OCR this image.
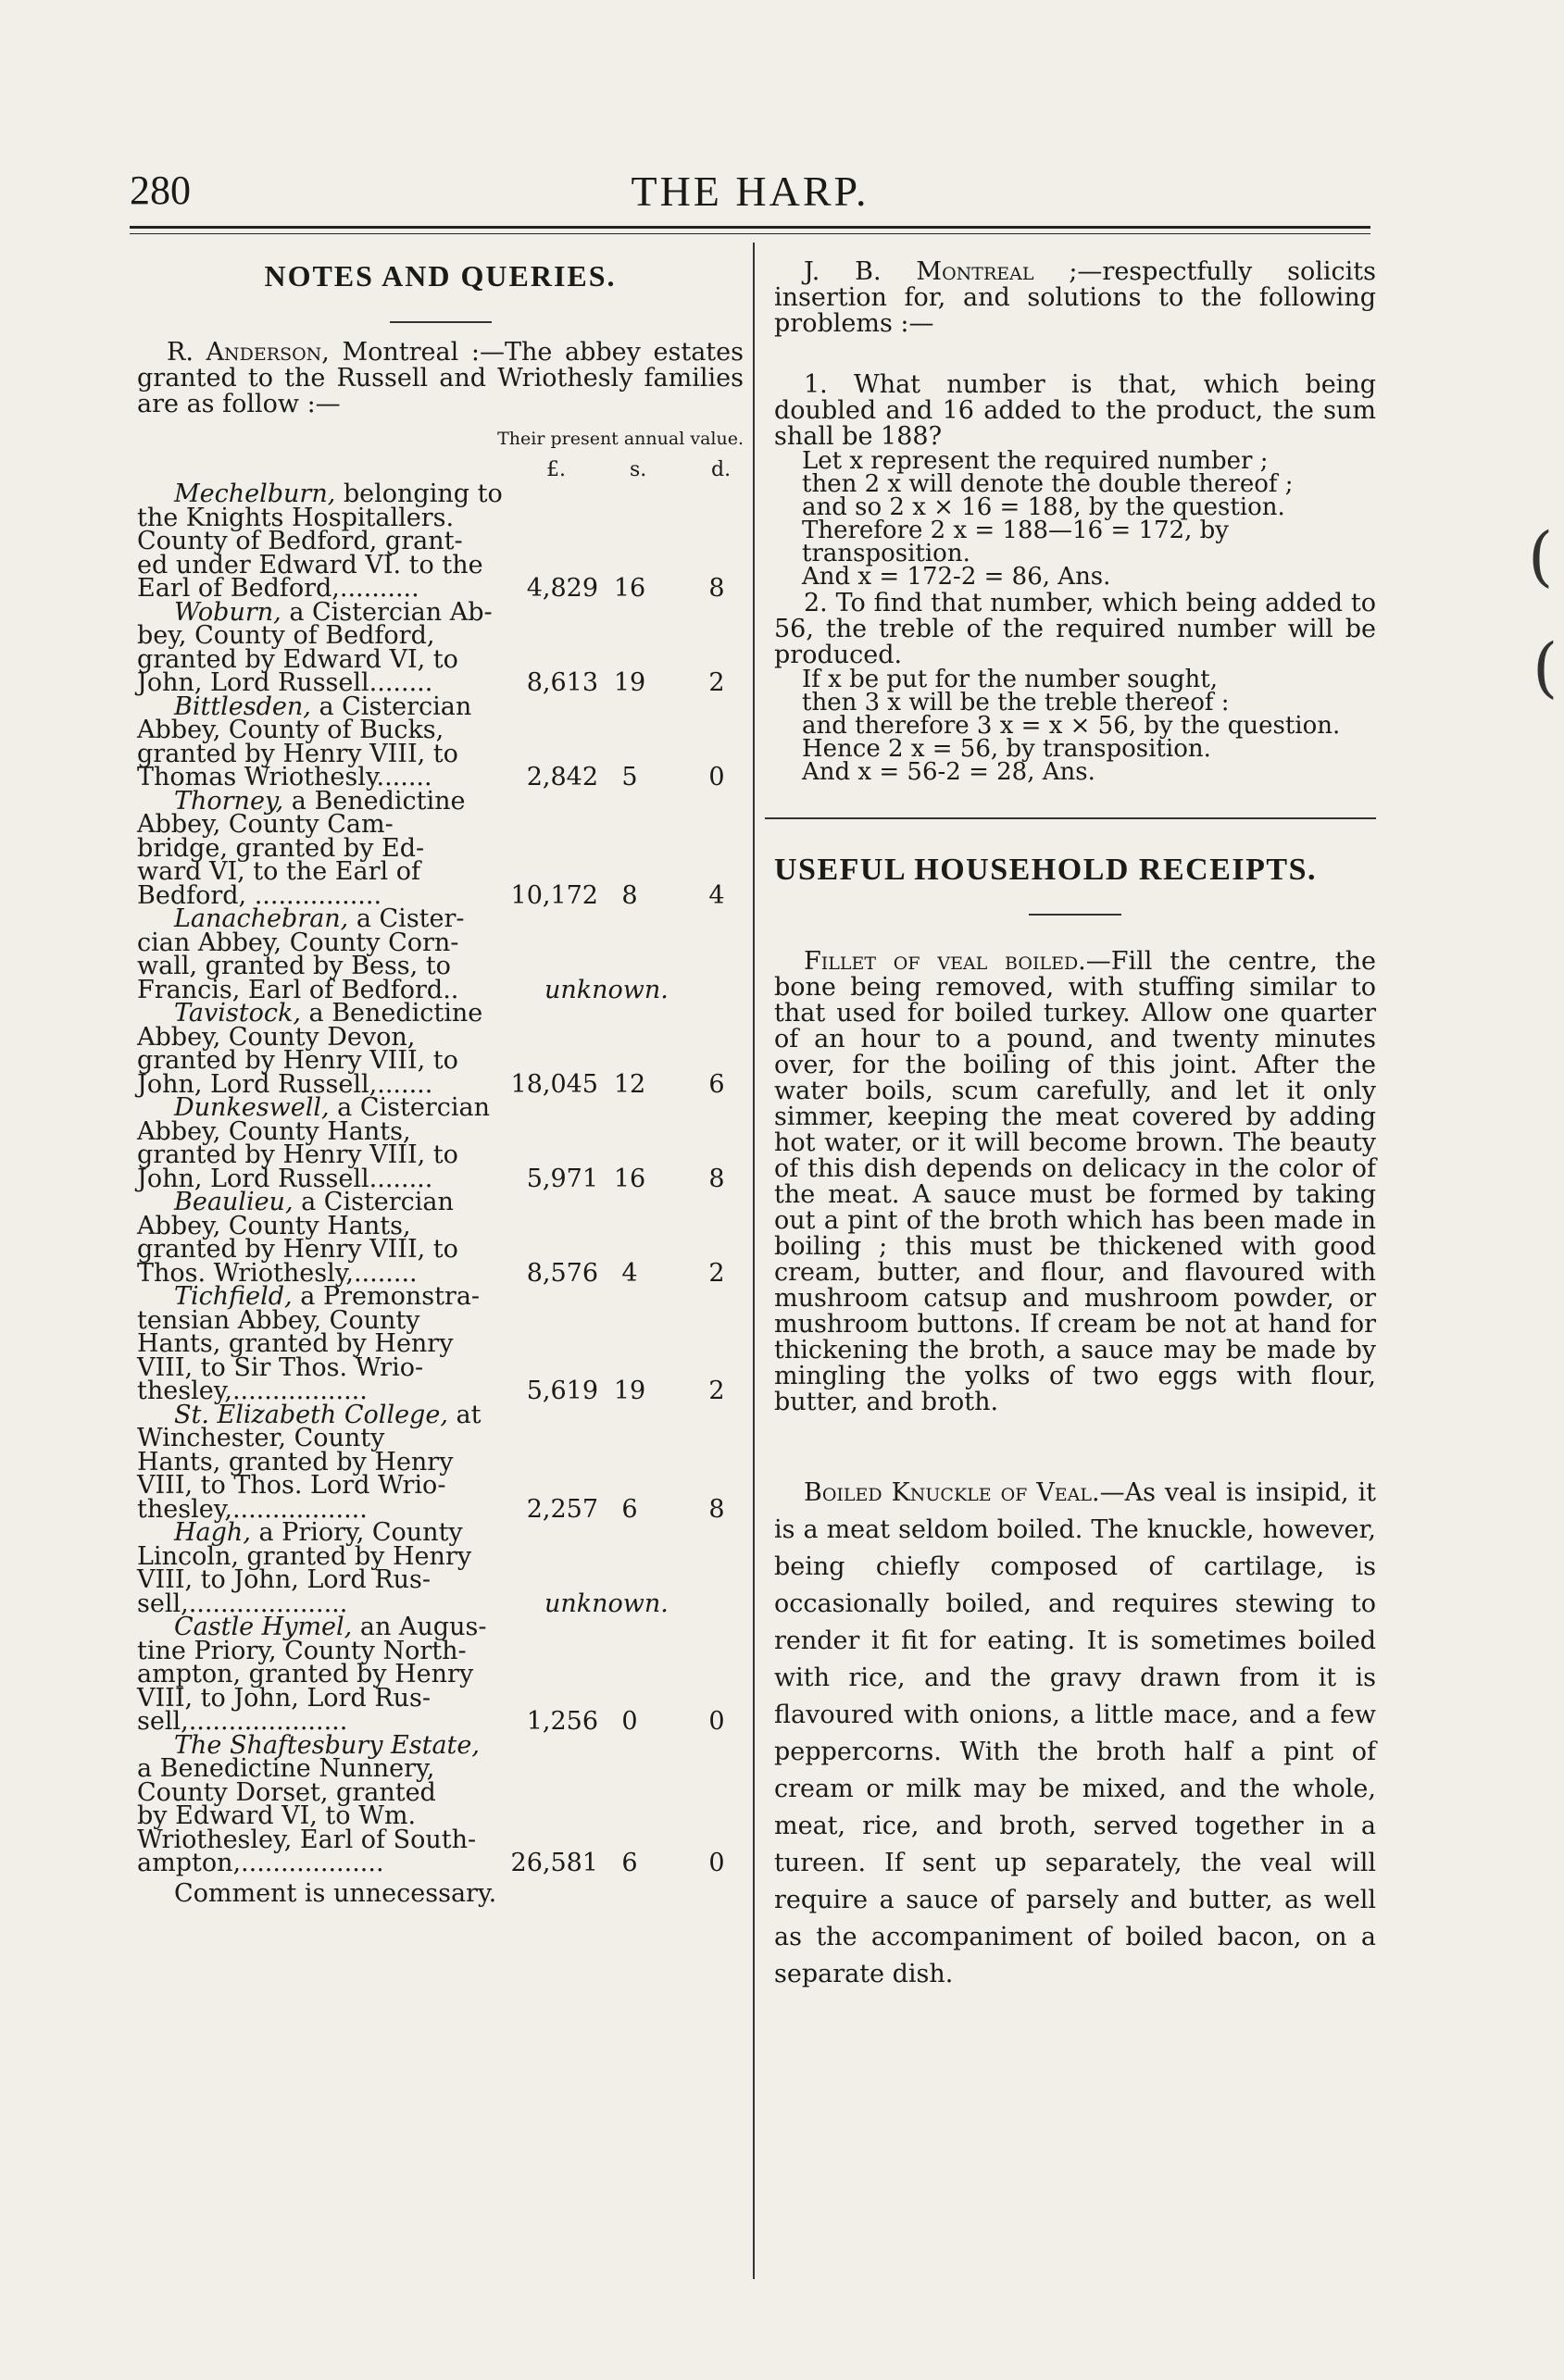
280	THE HARP.
NOTES AND QUERIES.

R. Anderson, Montreal :—The abbey estates granted to the Russell and Wriothesly families are as follow :—

Their present annual value.
£.	s.	d.
Mechelburn, belonging to
the Knights Hospitallers.
County of Bedford, grant-
ed under Edward VI. to the
Earl of Bedford,..........	4,829 16	8
Woburn, a Cistercian Ab-
bey, County of Bedford,
granted by Edward VI, to
John, Lord Russell........	8,613 19	2
Bittlesden, a Cistercian
Abbey, County of Bucks,
granted by Henry VIII, to
Thomas Wriothesly.......	2,842 5	0
Thorney, a Benedictine
Abbey, County Cam-
bridge, granted by Ed-
ward VI, to the Earl of
Bedford, ................	10,172 8	4
Lanachebran, a Cister-
cian Abbey, County Corn-
wall, granted by Bess, to
Francis, Earl of Bedford..	unknown.
Tavistock, a Benedictine
Abbey, County Devon,
granted by Henry VIII, to
John, Lord Russell,.......	18,045 12	6
Dunkeswell, a Cistercian
Abbey, County Hants,
granted by Henry VIII, to
John, Lord Russell........	5,971 16	8
Beaulieu, a Cistercian
Abbey, County Hants,
granted by Henry VIII, to
Thos. Wriothesly,........	8,576 4	2
Tichfield, a Premonstra-
tensian Abbey, County
Hants, granted by Henry
VIII, to Sir Thos. Wrio-
thesley,.................	5,619 19	2
St. Elizabeth College, at
Winchester, County
Hants, granted by Henry
VIII, to Thos. Lord Wrio-
thesley,.................	2,257 6	8
Hagh, a Priory, County
Lincoln, granted by Henry
VIII, to John, Lord Rus-
sell,....................	unknown.
Castle Hymel, an Augus-
tine Priory, County North-
ampton, granted by Henry
VIII, to John, Lord Rus-
sell,....................	1,256 0	0
The Shaftesbury Estate,
a Benedictine Nunnery,
County Dorset, granted
by Edward VI, to Wm.
Wriothesley, Earl of South-
ampton,..................	26,581 6	0
Comment is unnecessary.

J. B. Montreal ;—respectfully solicits insertion for, and solutions to the following problems :—

1. What number is that, which being doubled and 16 added to the product, the sum shall be 188?

Let x represent the required number ;
then 2 x will denote the double thereof ;
and so 2 x × 16 = 188, by the question.
Therefore 2 x = 188—16 = 172, by transposition.
And x = 172-2 = 86, Ans.

2. To find that number, which being added to 56, the treble of the required number will be produced.

If x be put for the number sought,
then 3 x will be the treble thereof :
and therefore 3 x = x × 56, by the question.
Hence 2 x = 56, by transposition.
And x = 56-2 = 28, Ans.
USEFUL HOUSEHOLD RECEIPTS.

Fillet of veal boiled.—Fill the centre, the bone being removed, with stuffing similar to that used for boiled turkey. Allow one quarter of an hour to a pound, and twenty minutes over, for the boiling of this joint. After the water boils, scum carefully, and let it only simmer, keeping the meat covered by adding hot water, or it will become brown. The beauty of this dish depends on delicacy in the color of the meat. A sauce must be formed by taking out a pint of the broth which has been made in boiling ; this must be thickened with good cream, butter, and flour, and flavoured with mushroom catsup and mushroom powder, or mushroom buttons. If cream be not at hand for thickening the broth, a sauce may be made by mingling the yolks of two eggs with flour, butter, and broth.

Boiled Knuckle of Veal.—As veal is insipid, it is a meat seldom boiled. The knuckle, however, being chiefly composed of cartilage, is occasionally boiled, and requires stewing to render it fit for eating. It is sometimes boiled with rice, and the gravy drawn from it is flavoured with onions, a little mace, and a few peppercorns. With the broth half a pint of cream or milk may be mixed, and the whole, meat, rice, and broth, served together in a tureen. If sent up separately, the veal will require a sauce of parsely and butter, as well as the accompaniment of boiled bacon, on a separate dish.

(
(
